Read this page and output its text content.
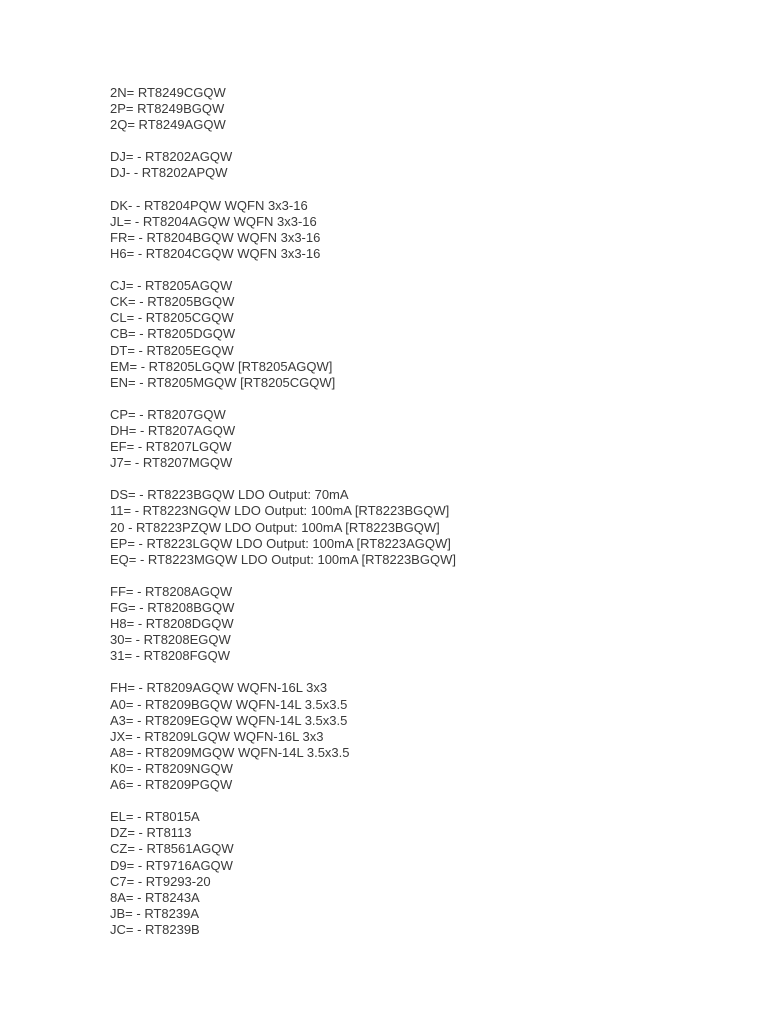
2N= RT8249CGQW
2P= RT8249BGQW
2Q= RT8249AGQW
DJ= - RT8202AGQW
DJ- - RT8202APQW
DK- - RT8204PQW WQFN 3x3-16
JL= - RT8204AGQW WQFN 3x3-16
FR= - RT8204BGQW WQFN 3x3-16
H6= - RT8204CGQW WQFN 3x3-16
CJ= - RT8205AGQW
CK= - RT8205BGQW
CL= - RT8205CGQW
CB= - RT8205DGQW
DT= - RT8205EGQW
EM= - RT8205LGQW [RT8205AGQW]
EN= - RT8205MGQW [RT8205CGQW]
CP= - RT8207GQW
DH= - RT8207AGQW
EF= - RT8207LGQW
J7= - RT8207MGQW
DS= - RT8223BGQW LDO Output: 70mA
11= - RT8223NGQW LDO Output: 100mA [RT8223BGQW]
20 - RT8223PZQW LDO Output: 100mA [RT8223BGQW]
EP= - RT8223LGQW LDO Output: 100mA [RT8223AGQW]
EQ= - RT8223MGQW LDO Output: 100mA [RT8223BGQW]
FF= - RT8208AGQW
FG= - RT8208BGQW
H8= - RT8208DGQW
30= - RT8208EGQW
31= - RT8208FGQW
FH= - RT8209AGQW WQFN-16L 3x3
A0= - RT8209BGQW WQFN-14L 3.5x3.5
A3= - RT8209EGQW WQFN-14L 3.5x3.5
JX= - RT8209LGQW WQFN-16L 3x3
A8= - RT8209MGQW WQFN-14L 3.5x3.5
K0= - RT8209NGQW
A6= - RT8209PGQW
EL= - RT8015A
DZ= - RT8113
CZ= - RT8561AGQW
D9= - RT9716AGQW
C7= - RT9293-20
8A= - RT8243A
JB= - RT8239A
JC= - RT8239B
